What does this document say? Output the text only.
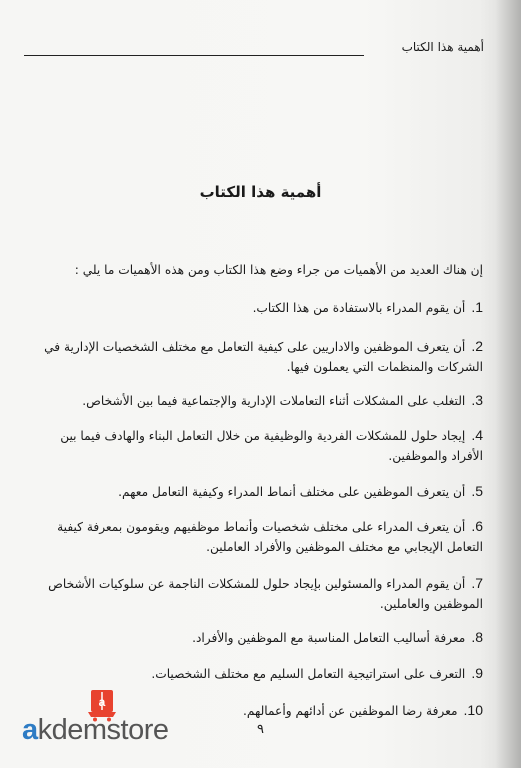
أهمية هذا الكتاب
أهمية هذا الكتاب
إن هناك العديد من الأهميات من جراء وضع هذا الكتاب ومن هذه الأهميات ما يلي :
1.أن يقوم المدراء بالاستفادة من هذا الكتاب.
2.أن يتعرف الموظفين والاداريين على كيفية التعامل مع مختلف الشخصيات الإدارية في الشركات والمنظمات التي يعملون فيها.
3.التغلب على المشكلات أثناء التعاملات الإدارية والإجتماعية فيما بين الأشخاص.
4.إيجاد حلول للمشكلات الفردية والوظيفية من خلال التعامل البناء والهادف فيما بين الأفراد والموظفين.
5.أن يتعرف الموظفين على مختلف أنماط المدراء وكيفية التعامل معهم.
6.أن يتعرف المدراء على مختلف شخصيات وأنماط موظفيهم ويقومون بمعرفة كيفية التعامل الإيجابي مع مختلف الموظفين والأفراد العاملين.
7.أن يقوم المدراء والمسئولين بإيجاد حلول للمشكلات الناجمة عن سلوكيات الأشخاص الموظفين والعاملين.
8.معرفة أساليب التعامل المناسبة مع الموظفين والأفراد.
9.التعرف على استراتيجية التعامل السليم مع مختلف الشخصيات.
10.معرفة رضا الموظفين عن أدائهم وأعمالهم.
٩
a
akdemstore
